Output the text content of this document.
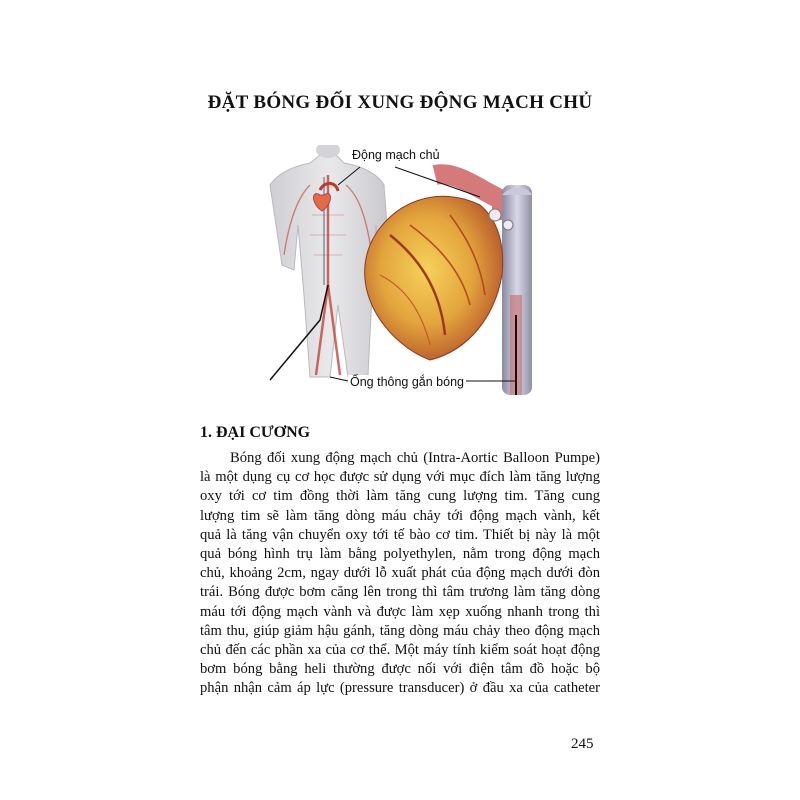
ĐẶT BÓNG ĐỐI XUNG ĐỘNG MẠCH CHỦ
Động mạch chủ
Ống thông gắn bóng
1. ĐẠI CƯƠNG
Bóng đối xung động mạch chủ (Intra-Aortic Balloon Pumpe)
là một dụng cụ cơ học được sử dụng với mục đích làm tăng lượng
oxy tới cơ tim đồng thời làm tăng cung lượng tim. Tăng cung
lượng tim sẽ làm tăng dòng máu chảy tới động mạch vành, kết
quả là tăng vận chuyển oxy tới tế bào cơ tim. Thiết bị này là một
quả bóng hình trụ làm bằng polyethylen, nằm trong động mạch
chủ, khoảng 2cm, ngay dưới lỗ xuất phát của động mạch dưới đòn
trái. Bóng được bơm căng lên trong thì tâm trương làm tăng dòng
máu tới động mạch vành và được làm xẹp xuống nhanh trong thì
tâm thu, giúp giảm hậu gánh, tăng dòng máu chảy theo động mạch
chủ đến các phần xa của cơ thể. Một máy tính kiểm soát hoạt động
bơm bóng bằng heli thường được nối với điện tâm đồ hoặc bộ
phận nhận cảm áp lực (pressure transducer) ở đầu xa của catheter
245
